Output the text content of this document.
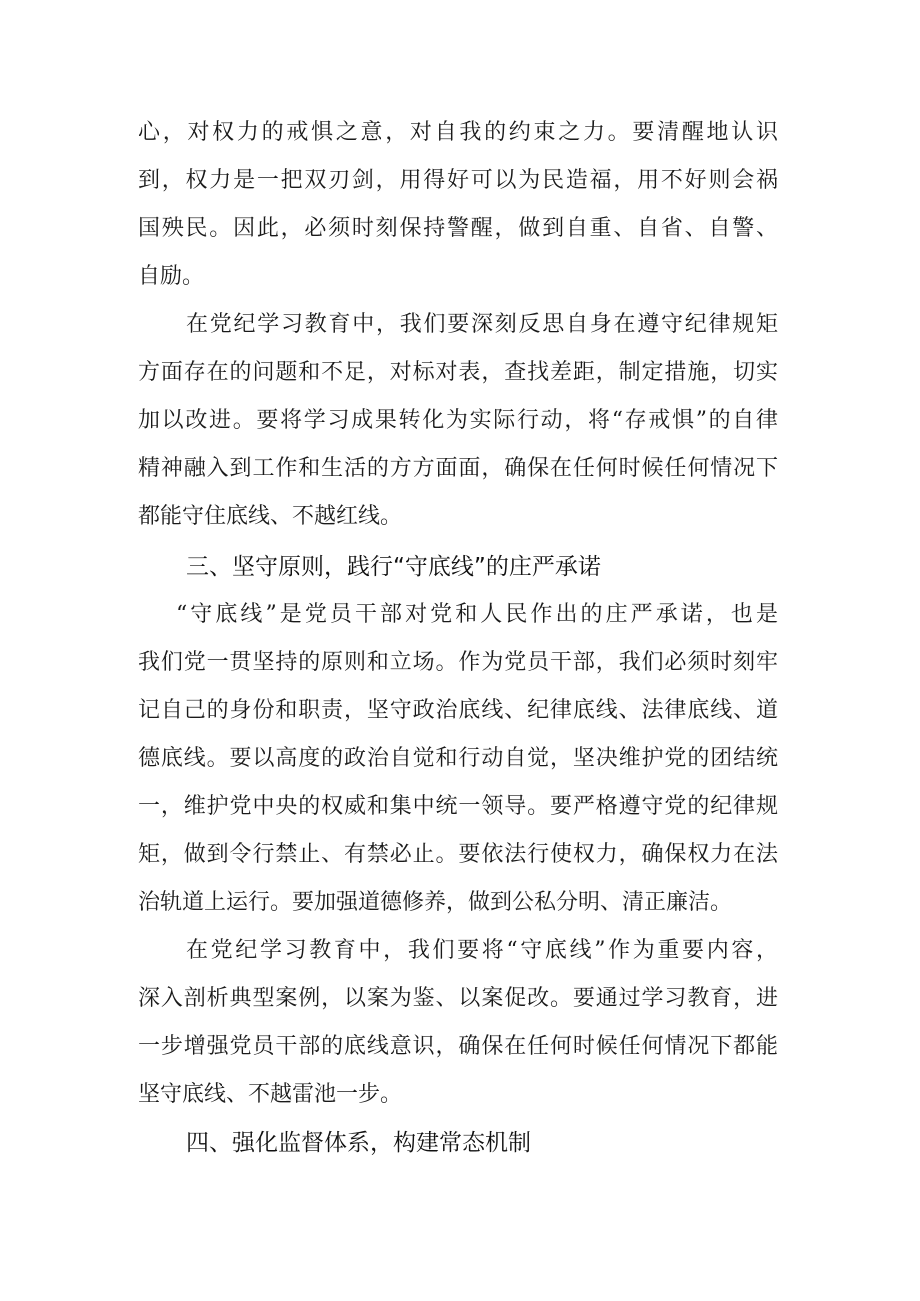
心，对权力的戒惧之意，对自我的约束之力。要清醒地认识
到，权力是一把双刃剑，用得好可以为民造福，用不好则会祸
国殃民。因此，必须时刻保持警醒，做到自重、自省、自警、
自励。
在党纪学习教育中，我们要深刻反思自身在遵守纪律规矩
方面存在的问题和不足，对标对表，查找差距，制定措施，切实
加以改进。要将学习成果转化为实际行动，将“存戒惧”的自律
精神融入到工作和生活的方方面面，确保在任何时候任何情况下
都能守住底线、不越红线。
三、坚守原则，践行“守底线”的庄严承诺
“守底线”是党员干部对党和人民作出的庄严承诺，也是
我们党一贯坚持的原则和立场。作为党员干部，我们必须时刻牢
记自己的身份和职责，坚守政治底线、纪律底线、法律底线、道
德底线。要以高度的政治自觉和行动自觉，坚决维护党的团结统
一，维护党中央的权威和集中统一领导。要严格遵守党的纪律规
矩，做到令行禁止、有禁必止。要依法行使权力，确保权力在法
治轨道上运行。要加强道德修养，做到公私分明、清正廉洁。
在党纪学习教育中，我们要将“守底线”作为重要内容，
深入剖析典型案例，以案为鉴、以案促改。要通过学习教育，进
一步增强党员干部的底线意识，确保在任何时候任何情况下都能
坚守底线、不越雷池一步。
四、强化监督体系，构建常态机制
